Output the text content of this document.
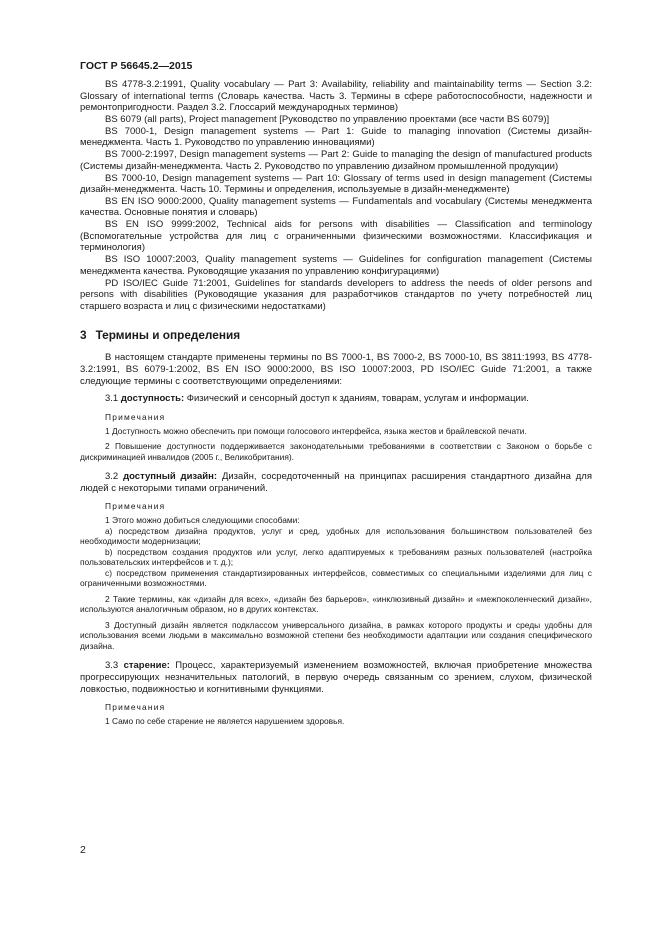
ГОСТ Р 56645.2—2015

BS 4778-3.2:1991, Quality vocabulary — Part 3: Availability, reliability and maintainability terms — Section 3.2: Glossary of international terms (Словарь качества. Часть 3. Термины в сфере работоспособности, надежности и ремонтопригодности. Раздел 3.2. Глоссарий международных терминов)

BS 6079 (all parts), Project management [Руководство по управлению проектами (все части BS 6079)]

BS 7000-1, Design management systems — Part 1: Guide to managing innovation (Системы дизайн-менеджмента. Часть 1. Руководство по управлению инновациями)

BS 7000-2:1997, Design management systems — Part 2: Guide to managing the design of manufactured products (Системы дизайн-менеджмента. Часть 2. Руководство по управлению дизайном промышленной продукции)

BS 7000-10, Design management systems — Part 10: Glossary of terms used in design management (Системы дизайн-менеджмента. Часть 10. Термины и определения, используемые в дизайн-менеджменте)

BS EN ISO 9000:2000, Quality management systems — Fundamentals and vocabulary (Системы менеджмента качества. Основные понятия и словарь)

BS EN ISO 9999:2002, Technical aids for persons with disabilities — Classification and terminology (Вспомогательные устройства для лиц с ограниченными физическими возможностями. Классификация и терминология)

BS ISO 10007:2003, Quality management systems — Guidelines for configuration management (Системы менеджмента качества. Руководящие указания по управлению конфигурациями)

PD ISO/IEC Guide 71:2001, Guidelines for standards developers to address the needs of older persons and persons with disabilities (Руководящие указания для разработчиков стандартов по учету потребностей лиц старшего возраста и лиц с физическими недостатками)

3 Термины и определения

В настоящем стандарте применены термины по BS 7000-1, BS 7000-2, BS 7000-10, BS 3811:1993, BS 4778-3.2:1991, BS 6079-1:2002, BS EN ISO 9000:2000, BS ISO 10007:2003, PD ISO/IEC Guide 71:2001, а также следующие термины с соответствующими определениями:

3.1 доступность: Физический и сенсорный доступ к зданиям, товарам, услугам и информации.

Примечания

1 Доступность можно обеспечить при помощи голосового интерфейса, языка жестов и брайлевской печати.

2 Повышение доступности поддерживается законодательными требованиями в соответствии с Законом о борьбе с дискриминацией инвалидов (2005 г., Великобритания).

3.2 доступный дизайн: Дизайн, сосредоточенный на принципах расширения стандартного дизайна для людей с некоторыми типами ограничений.

Примечания

1 Этого можно добиться следующими способами:

a) посредством дизайна продуктов, услуг и сред, удобных для использования большинством пользователей без необходимости модернизации;

b) посредством создания продуктов или услуг, легко адаптируемых к требованиям разных пользователей (настройка пользовательских интерфейсов и т. д.);

c) посредством применения стандартизированных интерфейсов, совместимых со специальными изделиями для лиц с ограниченными возможностями.

2 Такие термины, как «дизайн для всех», «дизайн без барьеров», «инклюзивный дизайн» и «межпоколенческий дизайн», используются аналогичным образом, но в других контекстах.

3 Доступный дизайн является подклассом универсального дизайна, в рамках которого продукты и среды удобны для использования всеми людьми в максимально возможной степени без необходимости адаптации или создания специфического дизайна.

3.3 старение: Процесс, характеризуемый изменением возможностей, включая приобретение множества прогрессирующих незначительных патологий, в первую очередь связанным со зрением, слухом, физической ловкостью, подвижностью и когнитивными функциями.

Примечания

1 Само по себе старение не является нарушением здоровья.

2
